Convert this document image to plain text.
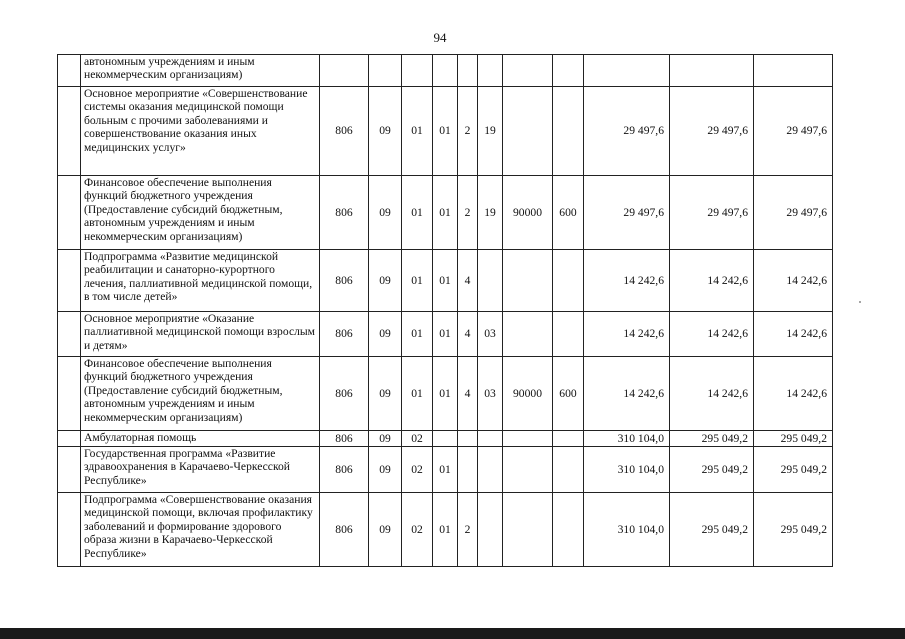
94
	автономным учреждениям и иным некоммерческим организациям)											
	Основное мероприятие «Совершенствование системы оказания медицинской помощи больным с прочими заболеваниями и совершенствование оказания иных медицинских услуг»	806	09	01	01	2	19			29 497,6	29 497,6	29 497,6
	Финансовое обеспечение выполнения функций бюджетного учреждения (Предоставление субсидий бюджетным, автономным учреждениям и иным некоммерческим организациям)	806	09	01	01	2	19	90000	600	29 497,6	29 497,6	29 497,6
	Подпрограмма «Развитие медицинской реабилитации и санаторно-курортного лечения, паллиативной медицинской помощи, в том числе детей»	806	09	01	01	4				14 242,6	14 242,6	14 242,6
	Основное мероприятие «Оказание паллиативной медицинской помощи взрослым и детям»	806	09	01	01	4	03			14 242,6	14 242,6	14 242,6
	Финансовое обеспечение выполнения функций бюджетного учреждения (Предоставление субсидий бюджетным, автономным учреждениям и иным некоммерческим организациям)	806	09	01	01	4	03	90000	600	14 242,6	14 242,6	14 242,6
	Амбулаторная помощь	806	09	02						310 104,0	295 049,2	295 049,2
	Государственная программа «Развитие здравоохранения в Карачаево-Черкесской Республике»	806	09	02	01					310 104,0	295 049,2	295 049,2
	Подпрограмма «Совершенствование оказания медицинской помощи, включая профилактику заболеваний и формирование здорового образа жизни в Карачаево-Черкесской Республике»	806	09	02	01	2				310 104,0	295 049,2	295 049,2
